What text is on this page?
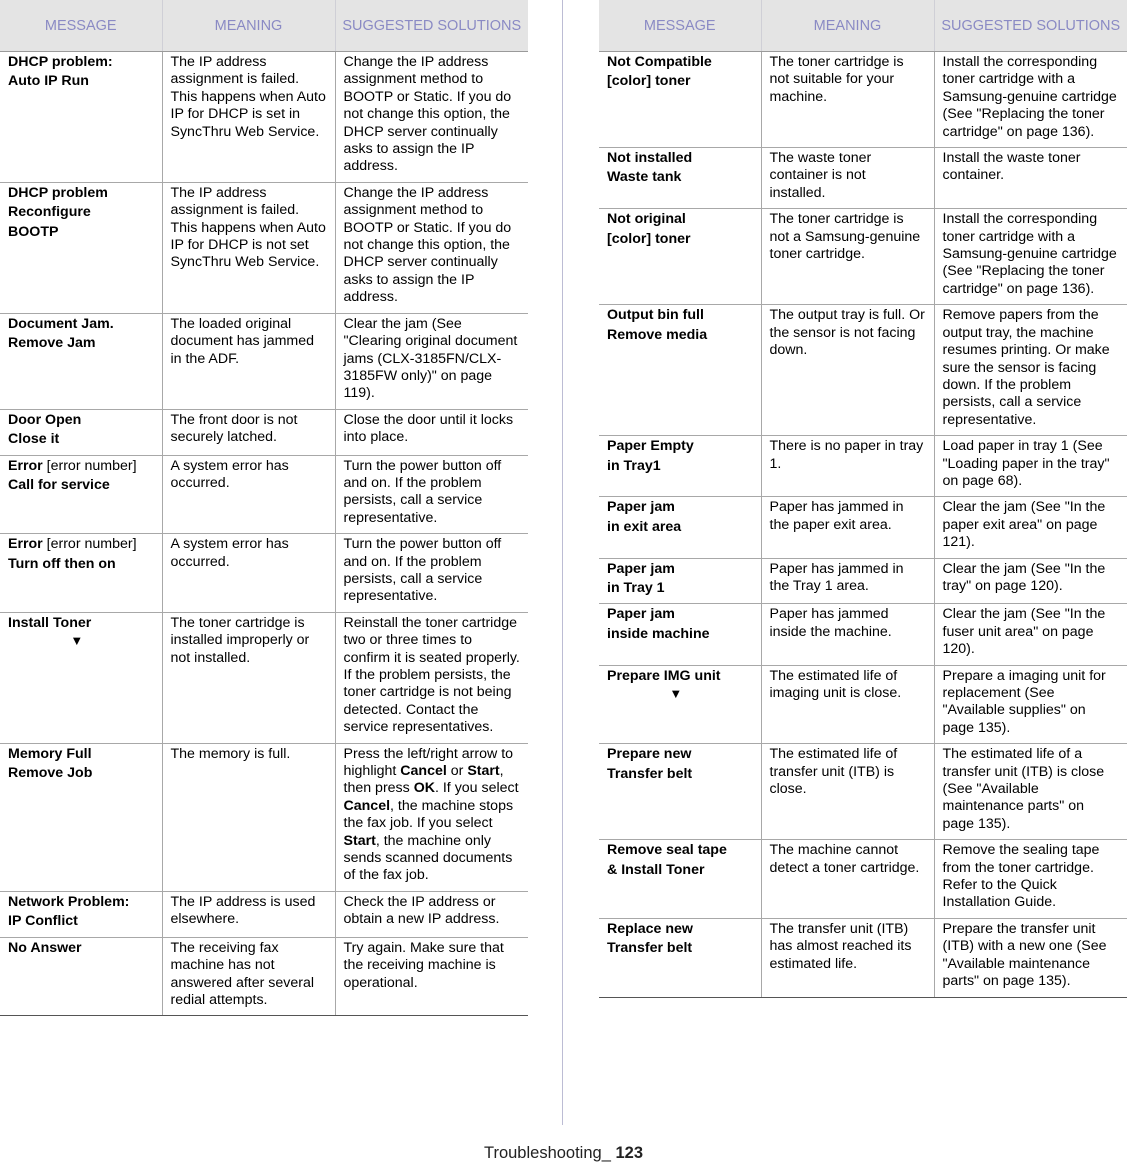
MESSAGE	MEANING	SUGGESTED SOLUTIONS

DHCP problem:
Auto IP Run	The IP address assignment is failed. This happens when Auto IP for DHCP is set in SyncThru Web Service.	Change the IP address assignment method to BOOTP or Static. If you do not change this option, the DHCP server continually asks to assign the IP address.

DHCP problem
Reconfigure
BOOTP	The IP address assignment is failed. This happens when Auto IP for DHCP is not set SyncThru Web Service.	Change the IP address assignment method to BOOTP or Static. If you do not change this option, the DHCP server continually asks to assign the IP address.

Document Jam.
Remove Jam	The loaded original document has jammed in the ADF.	Clear the jam (See "Clearing original document jams (CLX-3185FN/CLX-3185FW only)" on page 119).

Door Open
Close it	The front door is not securely latched.	Close the door until it locks into place.

Error [error number]
Call for service	A system error has occurred.	Turn the power button off and on. If the problem persists, call a service representative.

Error [error number]
Turn off then on	A system error has occurred.	Turn the power button off and on. If the problem persists, call a service representative.

Install Toner
▼	The toner cartridge is installed improperly or not installed.	Reinstall the toner cartridge two or three times to confirm it is seated properly. If the problem persists, the toner cartridge is not being detected. Contact the service representatives.

Memory Full
Remove Job	The memory is full.	Press the left/right arrow to highlight Cancel or Start, then press OK. If you select Cancel, the machine stops the fax job. If you select Start, the machine only sends scanned documents of the fax job.

Network Problem:
IP Conflict	The IP address is used elsewhere.	Check the IP address or obtain a new IP address.

No Answer	The receiving fax machine has not answered after several redial attempts.	Try again. Make sure that the receiving machine is operational.
MESSAGE	MEANING	SUGGESTED SOLUTIONS

Not Compatible
[color] toner	The toner cartridge is not suitable for your machine.	Install the corresponding toner cartridge with a Samsung-genuine cartridge (See "Replacing the toner cartridge" on page 136).

Not installed
Waste tank	The waste toner container is not installed.	Install the waste toner container.

Not original
[color] toner	The toner cartridge is not a Samsung-genuine toner cartridge.	Install the corresponding toner cartridge with a Samsung-genuine cartridge (See "Replacing the toner cartridge" on page 136).

Output bin full
Remove media	The output tray is full. Or the sensor is not facing down.	Remove papers from the output tray, the machine resumes printing. Or make sure the sensor is facing down. If the problem persists, call a service representative.

Paper Empty
in Tray1	There is no paper in tray 1.	Load paper in tray 1 (See "Loading paper in the tray" on page 68).

Paper jam
in exit area	Paper has jammed in the paper exit area.	Clear the jam (See "In the paper exit area" on page 121).

Paper jam
in Tray 1	Paper has jammed in the Tray 1 area.	Clear the jam (See "In the tray" on page 120).

Paper jam
inside machine	Paper has jammed inside the machine.	Clear the jam (See "In the fuser unit area" on page 120).

Prepare IMG unit
▼	The estimated life of imaging unit is close.	Prepare a imaging unit for replacement (See "Available supplies" on page 135).

Prepare new
Transfer belt	The estimated life of transfer unit (ITB) is close.	The estimated life of a transfer unit (ITB) is close (See "Available maintenance parts" on page 135).

Remove seal tape
& Install Toner	The machine cannot detect a toner cartridge.	Remove the sealing tape from the toner cartridge. Refer to the Quick Installation Guide.

Replace new
Transfer belt	The transfer unit (ITB) has almost reached its estimated life.	Prepare the transfer unit (ITB) with a new one (See "Available maintenance parts" on page 135).
Troubleshooting_ 123
